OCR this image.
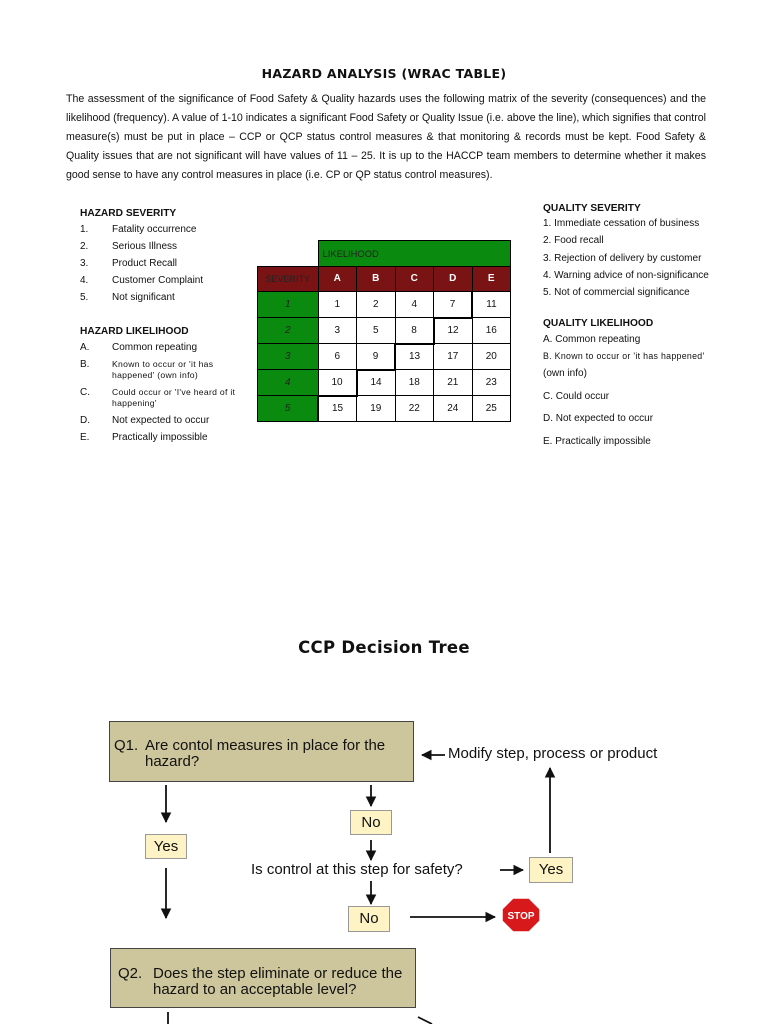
HAZARD ANALYSIS (WRAC TABLE)
The assessment of the significance of Food Safety & Quality hazards uses the following matrix of the severity (consequences) and the likelihood (frequency). A value of 1-10 indicates a significant Food Safety or Quality Issue (i.e. above the line), which signifies that control measure(s) must be put in place – CCP or QCP status control measures & that monitoring & records must be kept. Food Safety & Quality issues that are not significant will have values of 11 – 25. It is up to the HACCP team members to determine whether it makes good sense to have any control measures in place (i.e. CP or QP status control measures).
HAZARD SEVERITY
1.	Fatality occurrence
2.	Serious Illness
3.	Product Recall
4.	Customer Complaint
5.	Not significant
HAZARD LIKELIHOOD
A.	Common repeating
B.	Known to occur or 'it has happened' (own info)
C.	Could occur or 'I've heard of it happening'
D.	Not expected to occur
E.	Practically impossible
	LIKELIHOOD				
SEVERITY	A	B	C	D	E
1	1	2	4	7	11
2	3	5	8	12	16
3	6	9	13	17	20
4	10	14	18	21	23
5	15	19	22	24	25
QUALITY SEVERITY
1. Immediate cessation of business
2. Food recall
3. Rejection of delivery by customer
4. Warning advice of non-significance
5. Not of commercial significance
QUALITY LIKELIHOOD
A. Common repeating
B. Known to occur or 'it has happened'
(own info)
C. Could occur
D. Not expected to occur
E. Practically impossible
CCP Decision Tree
Q1. Are contol measures in place for the hazard?	Modify step, process or product
No
Yes
Is control at this step for safety?	Yes
No	STOP
Q2. Does the step eliminate or reduce the hazard to an acceptable level?
